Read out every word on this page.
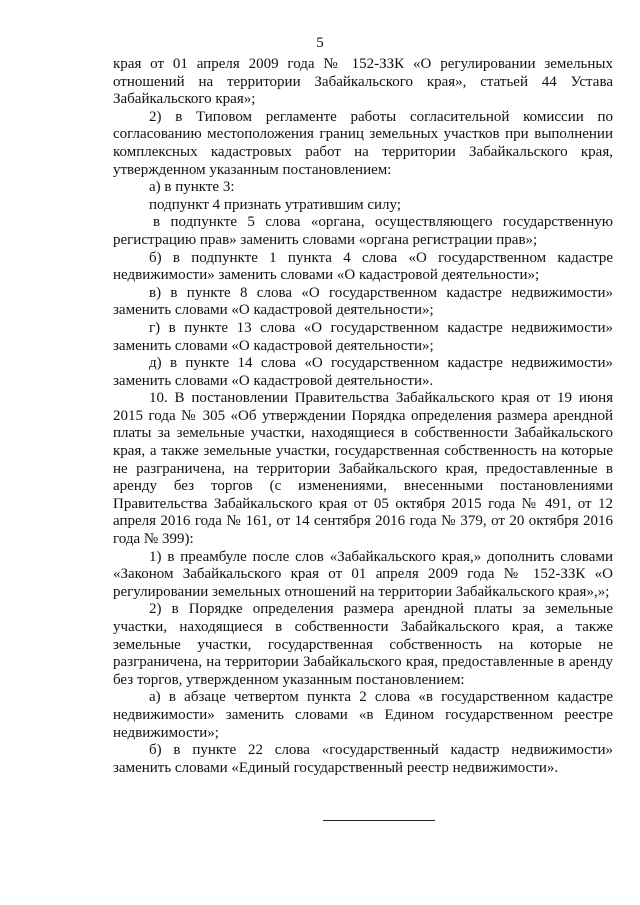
5

края от 01 апреля 2009 года № 152-ЗЗК «О регулировании земельных отношений на территории Забайкальского края», статьей 44 Устава Забайкальского края»;

2) в Типовом регламенте работы согласительной комиссии по согласованию местоположения границ земельных участков при выполнении комплексных кадастровых работ на территории Забайкальского края, утвержденном указанным постановлением:

а) в пункте 3:

подпункт 4 признать утратившим силу;

в подпункте 5 слова «органа, осуществляющего государственную регистрацию прав» заменить словами «органа регистрации прав»;

б) в подпункте 1 пункта 4 слова «О государственном кадастре недвижимости» заменить словами «О кадастровой деятельности»;

в) в пункте 8 слова «О государственном кадастре недвижимости» заменить словами «О кадастровой деятельности»;

г) в пункте 13 слова «О государственном кадастре недвижимости» заменить словами «О кадастровой деятельности»;

д) в пункте 14 слова «О государственном кадастре недвижимости» заменить словами «О кадастровой деятельности».

10. В постановлении Правительства Забайкальского края от 19 июня 2015 года № 305 «Об утверждении Порядка определения размера арендной платы за земельные участки, находящиеся в собственности Забайкальского края, а также земельные участки, государственная собственность на которые не разграничена, на территории Забайкальского края, предоставленные в аренду без торгов (с изменениями, внесенными постановлениями Правительства Забайкальского края от 05 октября 2015 года № 491, от 12 апреля 2016 года № 161, от 14 сентября 2016 года № 379, от 20 октября 2016 года № 399):

1) в преамбуле после слов «Забайкальского края,» дополнить словами «Законом Забайкальского края от 01 апреля 2009 года № 152-ЗЗК «О регулировании земельных отношений на территории Забайкальского края»,»;

2) в Порядке определения размера арендной платы за земельные участки, находящиеся в собственности Забайкальского края, а также земельные участки, государственная собственность на которые не разграничена, на территории Забайкальского края, предоставленные в аренду без торгов, утвержденном указанным постановлением:

а) в абзаце четвертом пункта 2 слова «в государственном кадастре недвижимости» заменить словами «в Едином государственном реестре недвижимости»;

б) в пункте 22 слова «государственный кадастр недвижимости» заменить словами «Единый государственный реестр недвижимости».
